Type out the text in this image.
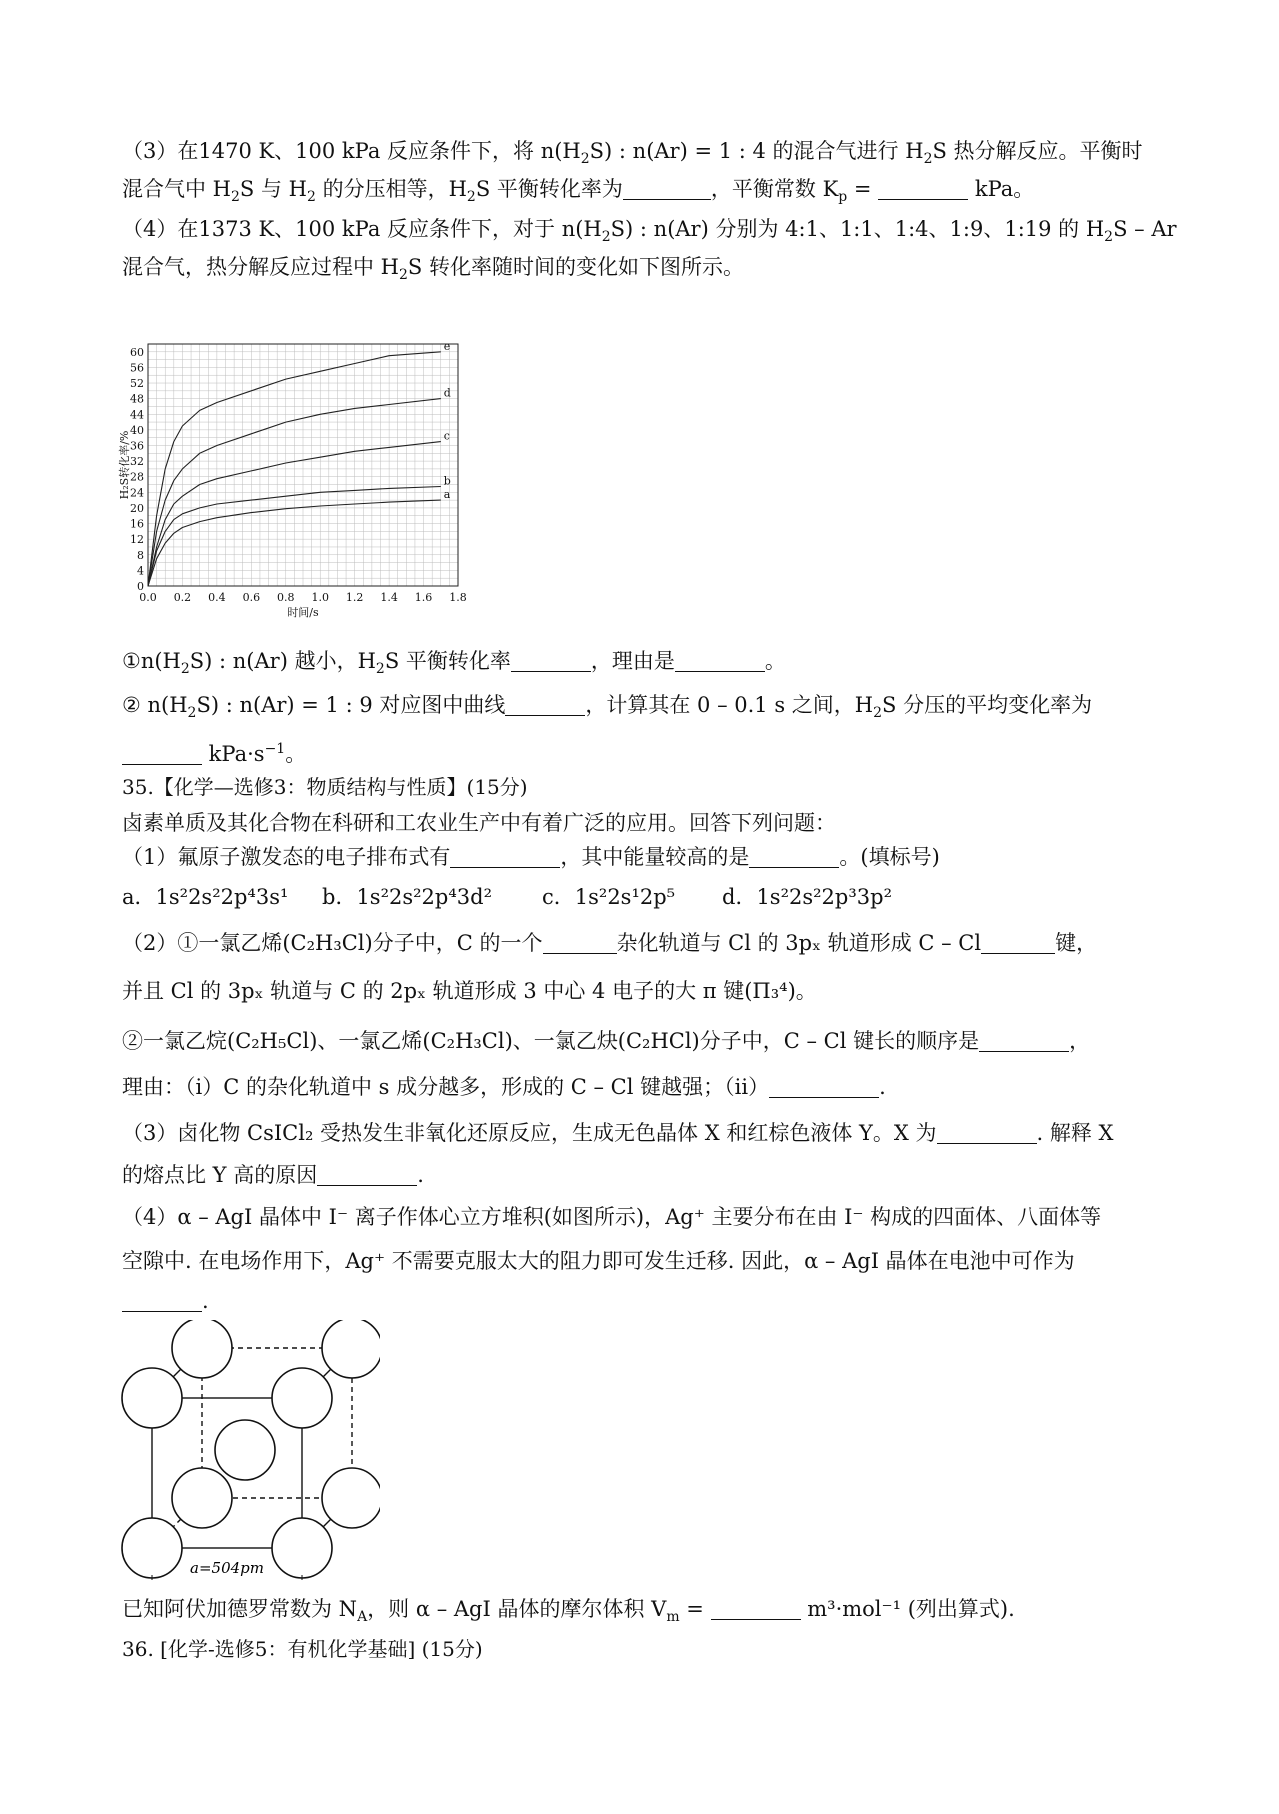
（3）在1470 K、100 kPa 反应条件下，将 $n(H_2S)$ : n(Ar) = 1 : 4 的混合气进行 $H_2S$ 热分解反应。平衡时
混合气中 $H_2S$ 与 $H_2$ 的分压相等，$H_2S$ 平衡转化率为	，平衡常数 $K_p$ =	kPa。
（4）在1373 K、100 kPa 反应条件下，对于 $n(H_2S)$ : n(Ar) 分别为 4:1、1:1、1:4、1:9、1:19 的 $H_2S$ – Ar
混合气，热分解反应过程中 $H_2S$ 转化率随时间的变化如下图所示。
0
4
8
12
16
20
24
28
32
36
40
44
48
52
56
60
0.0 0.2 0.4 0.6 0.8 1.0 1.2 1.4 1.6 1.8
时间/s
H₂S转化率/%
e
d
c
b
a
$①n(H_2S)$ : n(Ar) 越小，$H_2S$ 平衡转化率	，理由是	。
② $n(H_2S)$ : n(Ar) = 1 : 9 对应图中曲线	，计算其在 0 – 0.1 s 之间，$H_2S$ 分压的平均变化率为
$kPa\cdot s^{-1}$。
35.【化学—选修3：物质结构与性质】(15分)
卤素单质及其化合物在科研和工农业生产中有着广泛的应用。回答下列问题：
（1）氟原子激发态的电子排布式有	，其中能量较高的是	。(填标号)
a．1s²2s²2p⁴3s¹ b．1s²2s²2p⁴3d² c．1s²2s¹2p⁵ d．1s²2s²2p³3p²
（2）①一氯乙烯(C₂H₃Cl)分子中，C 的一个	杂化轨道与 Cl 的 3pₓ 轨道形成 C – Cl	键，
并且 Cl 的 3pₓ 轨道与 C 的 2pₓ 轨道形成 3 中心 4 电子的大 π 键(Π₃⁴)。
②一氯乙烷(C₂H₅Cl)、一氯乙烯(C₂H₃Cl)、一氯乙炔(C₂HCl)分子中，C – Cl 键长的顺序是	，
理由：（i）C 的杂化轨道中 s 成分越多，形成的 C – Cl 键越强；（ii）	.
（3）卤化物 CsICl₂ 受热发生非氧化还原反应，生成无色晶体 X 和红棕色液体 Y。X 为	. 解释 X
的熔点比 Y 高的原因	.
（4）α – AgI 晶体中 I⁻ 离子作体心立方堆积(如图所示)，Ag⁺ 主要分布在由 I⁻ 构成的四面体、八面体等
空隙中. 在电场作用下，Ag⁺ 不需要克服太大的阻力即可发生迁移. 因此，α – AgI 晶体在电池中可作为
.
a=504pm
已知阿伏加德罗常数为 $N_A$，则 α – AgI 晶体的摩尔体积 $V_m$ =	m³·mol⁻¹ (列出算式).
36. [化学-选修5：有机化学基础] (15分)
